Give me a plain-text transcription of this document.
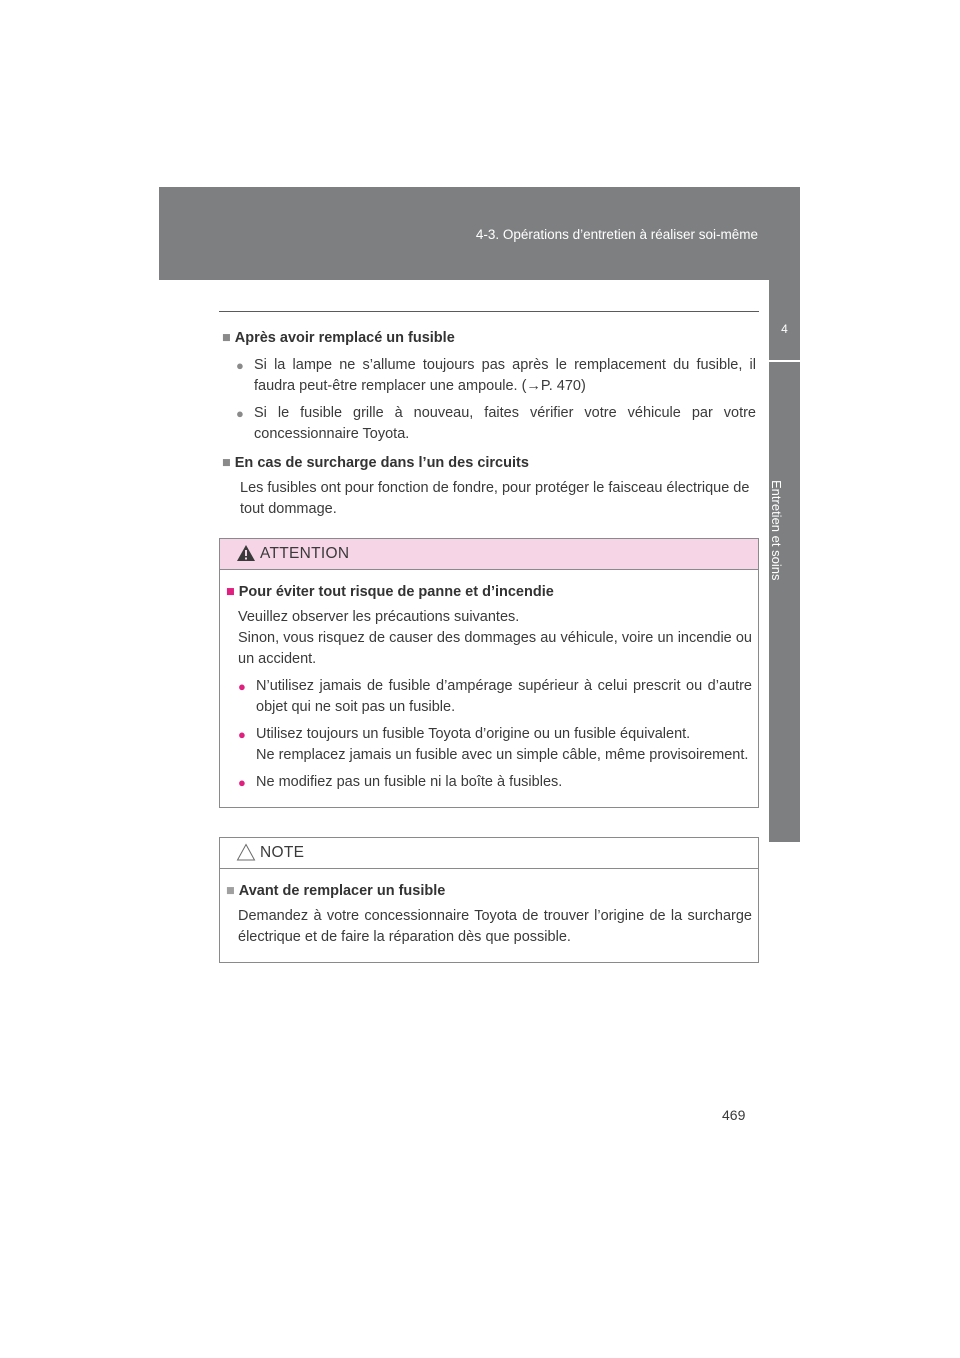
4-3. Opérations d’entretien à réaliser soi-même
4
Entretien et soins
■ Après avoir remplacé un fusible
● Si la lampe ne s’allume toujours pas après le remplacement du fusible, il faudra peut-être remplacer une ampoule. (→P. 470)
● Si le fusible grille à nouveau, faites vérifier votre véhicule par votre concessionnaire Toyota.
■ En cas de surcharge dans l’un des circuits
Les fusibles ont pour fonction de fondre, pour protéger le faisceau électrique de tout dommage.
ATTENTION
■ Pour éviter tout risque de panne et d’incendie
Veuillez observer les précautions suivantes.
Sinon, vous risquez de causer des dommages au véhicule, voire un incendie ou un accident.
● N’utilisez jamais de fusible d’ampérage supérieur à celui prescrit ou d’autre objet qui ne soit pas un fusible.
● Utilisez toujours un fusible Toyota d’origine ou un fusible équivalent.
Ne remplacez jamais un fusible avec un simple câble, même provisoirement.
● Ne modifiez pas un fusible ni la boîte à fusibles.
NOTE
■ Avant de remplacer un fusible
Demandez à votre concessionnaire Toyota de trouver l’origine de la surcharge électrique et de faire la réparation dès que possible.
469
